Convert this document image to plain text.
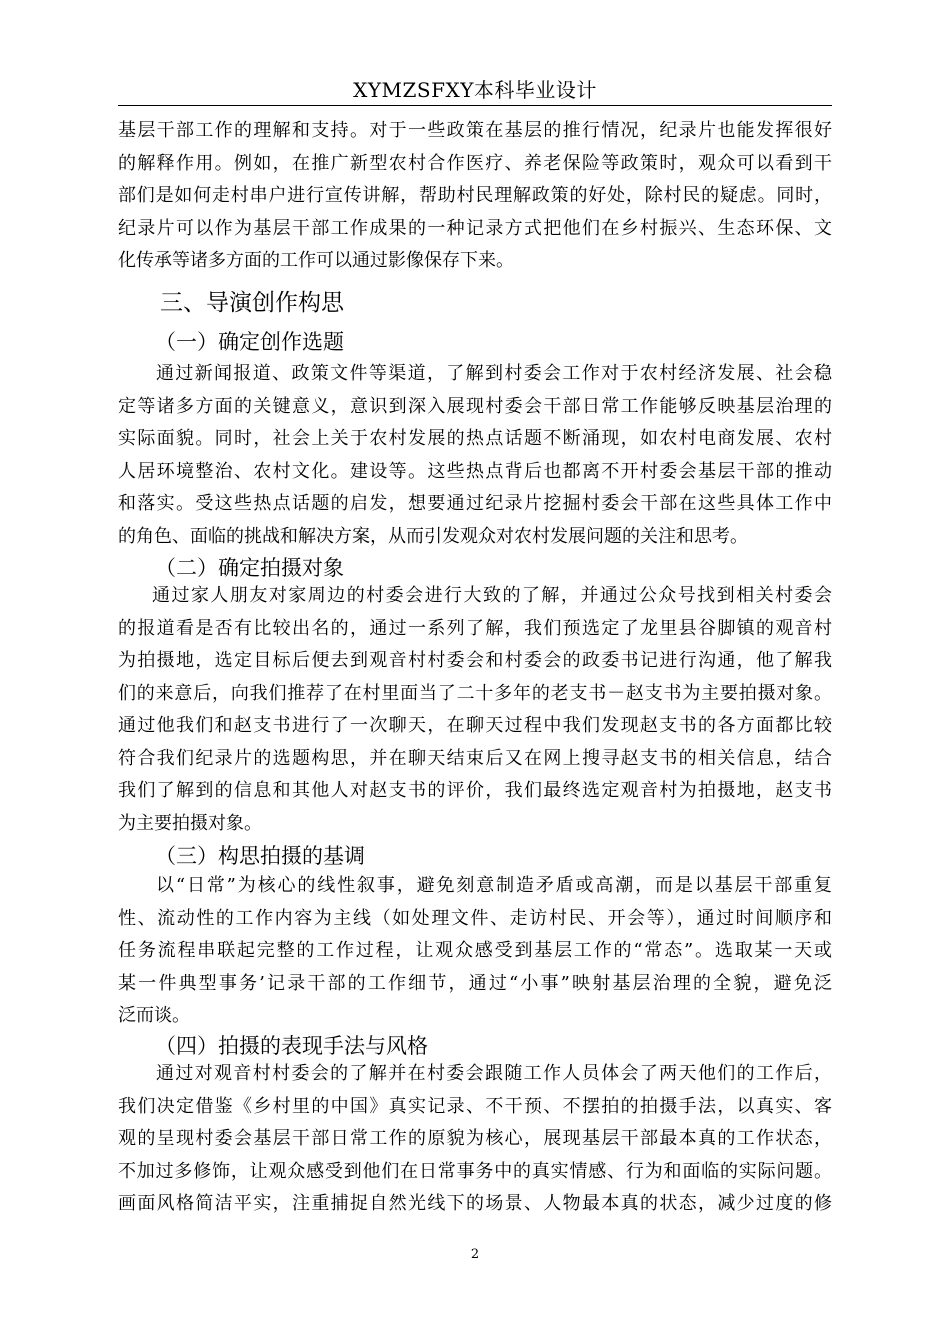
XYMZSFXY本科毕业设计
基层干部工作的理解和支持。对于一些政策在基层的推行情况，纪录片也能发挥很好
的解释作用。例如，在推广新型农村合作医疗、养老保险等政策时，观众可以看到干
部们是如何走村串户进行宣传讲解，帮助村民理解政策的好处，除村民的疑虑。同时，
纪录片可以作为基层干部工作成果的一种记录方式把他们在乡村振兴、生态环保、文
化传承等诸多方面的工作可以通过影像保存下来。
三、导演创作构思
（一）确定创作选题
通过新闻报道、政策文件等渠道，了解到村委会工作对于农村经济发展、社会稳
定等诸多方面的关键意义，意识到深入展现村委会干部日常工作能够反映基层治理的
实际面貌。同时，社会上关于农村发展的热点话题不断涌现，如农村电商发展、农村
人居环境整治、农村文化。建设等。这些热点背后也都离不开村委会基层干部的推动
和落实。受这些热点话题的启发，想要通过纪录片挖掘村委会干部在这些具体工作中
的角色、面临的挑战和解决方案，从而引发观众对农村发展问题的关注和思考。
（二）确定拍摄对象
通过家人朋友对家周边的村委会进行大致的了解，并通过公众号找到相关村委会
的报道看是否有比较出名的，通过一系列了解，我们预选定了龙里县谷脚镇的观音村
为拍摄地，选定目标后便去到观音村村委会和村委会的政委书记进行沟通，他了解我
们的来意后，向我们推荐了在村里面当了二十多年的老支书－赵支书为主要拍摄对象。
通过他我们和赵支书进行了一次聊天，在聊天过程中我们发现赵支书的各方面都比较
符合我们纪录片的选题构思，并在聊天结束后又在网上搜寻赵支书的相关信息，结合
我们了解到的信息和其他人对赵支书的评价，我们最终选定观音村为拍摄地，赵支书
为主要拍摄对象。
（三）构思拍摄的基调
以“日常”为核心的线性叙事，避免刻意制造矛盾或高潮，而是以基层干部重复
性、流动性的工作内容为主线（如处理文件、走访村民、开会等），通过时间顺序和
任务流程串联起完整的工作过程，让观众感受到基层工作的“常态”。选取某一天或
某一件典型事务’记录干部的工作细节，通过“小事”映射基层治理的全貌，避免泛
泛而谈。
（四）拍摄的表现手法与风格
通过对观音村村委会的了解并在村委会跟随工作人员体会了两天他们的工作后，
我们决定借鉴《乡村里的中国》真实记录、不干预、不摆拍的拍摄手法，以真实、客
观的呈现村委会基层干部日常工作的原貌为核心，展现基层干部最本真的工作状态，
不加过多修饰，让观众感受到他们在日常事务中的真实情感、行为和面临的实际问题。
画面风格简洁平实，注重捕捉自然光线下的场景、人物最本真的状态，减少过度的修
2
